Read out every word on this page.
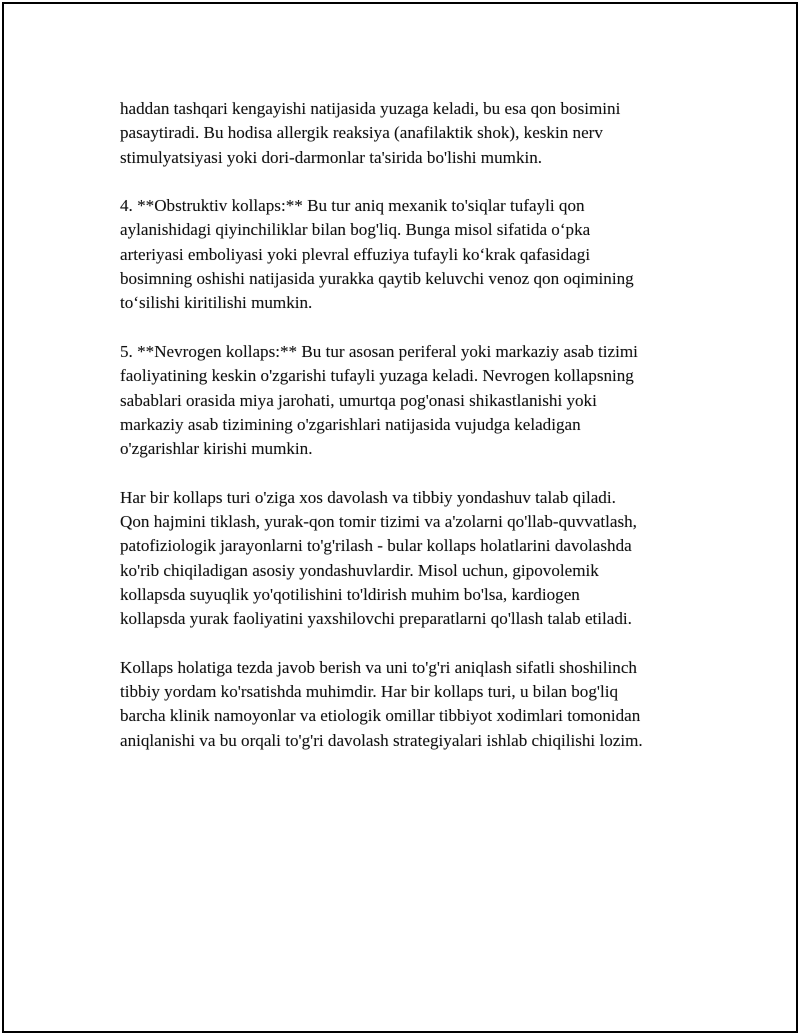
haddan tashqari kengayishi natijasida yuzaga keladi, bu esa qon bosimini
pasaytiradi. Bu hodisa allergik reaksiya (anafilaktik shok), keskin nerv
stimulyatsiyasi yoki dori-darmonlar ta'sirida bo'lishi mumkin.

4. **Obstruktiv kollaps:** Bu tur aniq mexanik to'siqlar tufayli qon
aylanishidagi qiyinchiliklar bilan bog'liq. Bunga misol sifatida o‘pka
arteriyasi emboliyasi yoki plevral effuziya tufayli ko‘krak qafasidagi
bosimning oshishi natijasida yurakka qaytib keluvchi venoz qon oqimining
to‘silishi kiritilishi mumkin.

5. **Nevrogen kollaps:** Bu tur asosan periferal yoki markaziy asab tizimi
faoliyatining keskin o'zgarishi tufayli yuzaga keladi. Nevrogen kollapsning
sabablari orasida miya jarohati, umurtqa pog'onasi shikastlanishi yoki
markaziy asab tizimining o'zgarishlari natijasida vujudga keladigan
o'zgarishlar kirishi mumkin.

Har bir kollaps turi o'ziga xos davolash va tibbiy yondashuv talab qiladi.
Qon hajmini tiklash, yurak-qon tomir tizimi va a'zolarni qo'llab-quvvatlash,
patofiziologik jarayonlarni to'g'rilash - bular kollaps holatlarini davolashda
ko'rib chiqiladigan asosiy yondashuvlardir. Misol uchun, gipovolemik
kollapsda suyuqlik yo'qotilishini to'ldirish muhim bo'lsa, kardiogen
kollapsda yurak faoliyatini yaxshilovchi preparatlarni qo'llash talab etiladi.

Kollaps holatiga tezda javob berish va uni to'g'ri aniqlash sifatli shoshilinch
tibbiy yordam ko'rsatishda muhimdir. Har bir kollaps turi, u bilan bog'liq
barcha klinik namoyonlar va etiologik omillar tibbiyot xodimlari tomonidan
aniqlanishi va bu orqali to'g'ri davolash strategiyalari ishlab chiqilishi lozim.
